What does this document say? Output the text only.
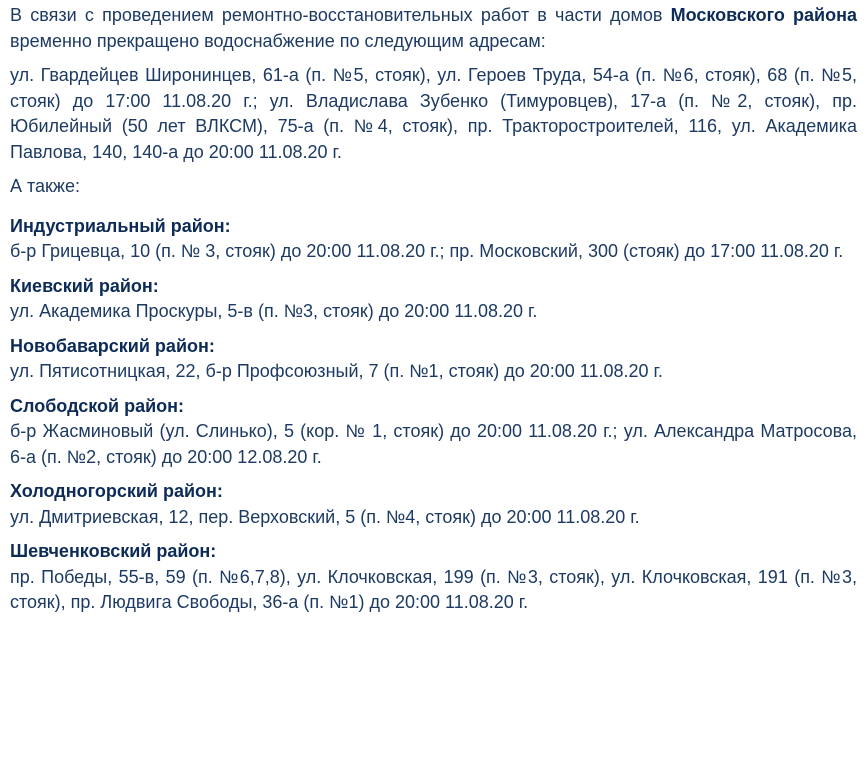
В связи с проведением ремонтно-восстановительных работ в части домов Московского района временно прекращено водоснабжение по следующим адресам:

ул. Гвардейцев Широнинцев, 61-а (п. №5, стояк), ул. Героев Труда, 54-а (п. №6, стояк), 68 (п. №5, стояк) до 17:00 11.08.20 г.; ул. Владислава Зубенко (Тимуровцев), 17-а (п. №2, стояк), пр. Юбилейный (50 лет ВЛКСМ), 75-а (п. №4, стояк), пр. Тракторостроителей, 116, ул. Академика Павлова, 140, 140-а до 20:00 11.08.20 г.

А также:

Индустриальный район:

б-р Грицевца, 10 (п. № 3, стояк) до 20:00 11.08.20 г.; пр. Московский, 300 (стояк) до 17:00 11.08.20 г.

Киевский район:

ул. Академика Проскуры, 5-в (п. №3, стояк) до 20:00 11.08.20 г.

Новобаварский район:

ул. Пятисотницкая, 22, б-р Профсоюзный, 7 (п. №1, стояк) до 20:00 11.08.20 г.

Слободской район:

б-р Жасминовый (ул. Слинько), 5 (кор. № 1, стояк) до 20:00 11.08.20 г.; ул. Александра Матросова, 6-а (п. №2, стояк) до 20:00 12.08.20 г.

Холодногорский район:

ул. Дмитриевская, 12, пер. Верховский, 5 (п. №4, стояк) до 20:00 11.08.20 г.

Шевченковский район:

пр. Победы, 55-в, 59 (п. №6,7,8), ул. Клочковская, 199 (п. №3, стояк), ул. Клочковская, 191 (п. №3, стояк), пр. Людвига Свободы, 36-а (п. №1) до 20:00 11.08.20 г.
